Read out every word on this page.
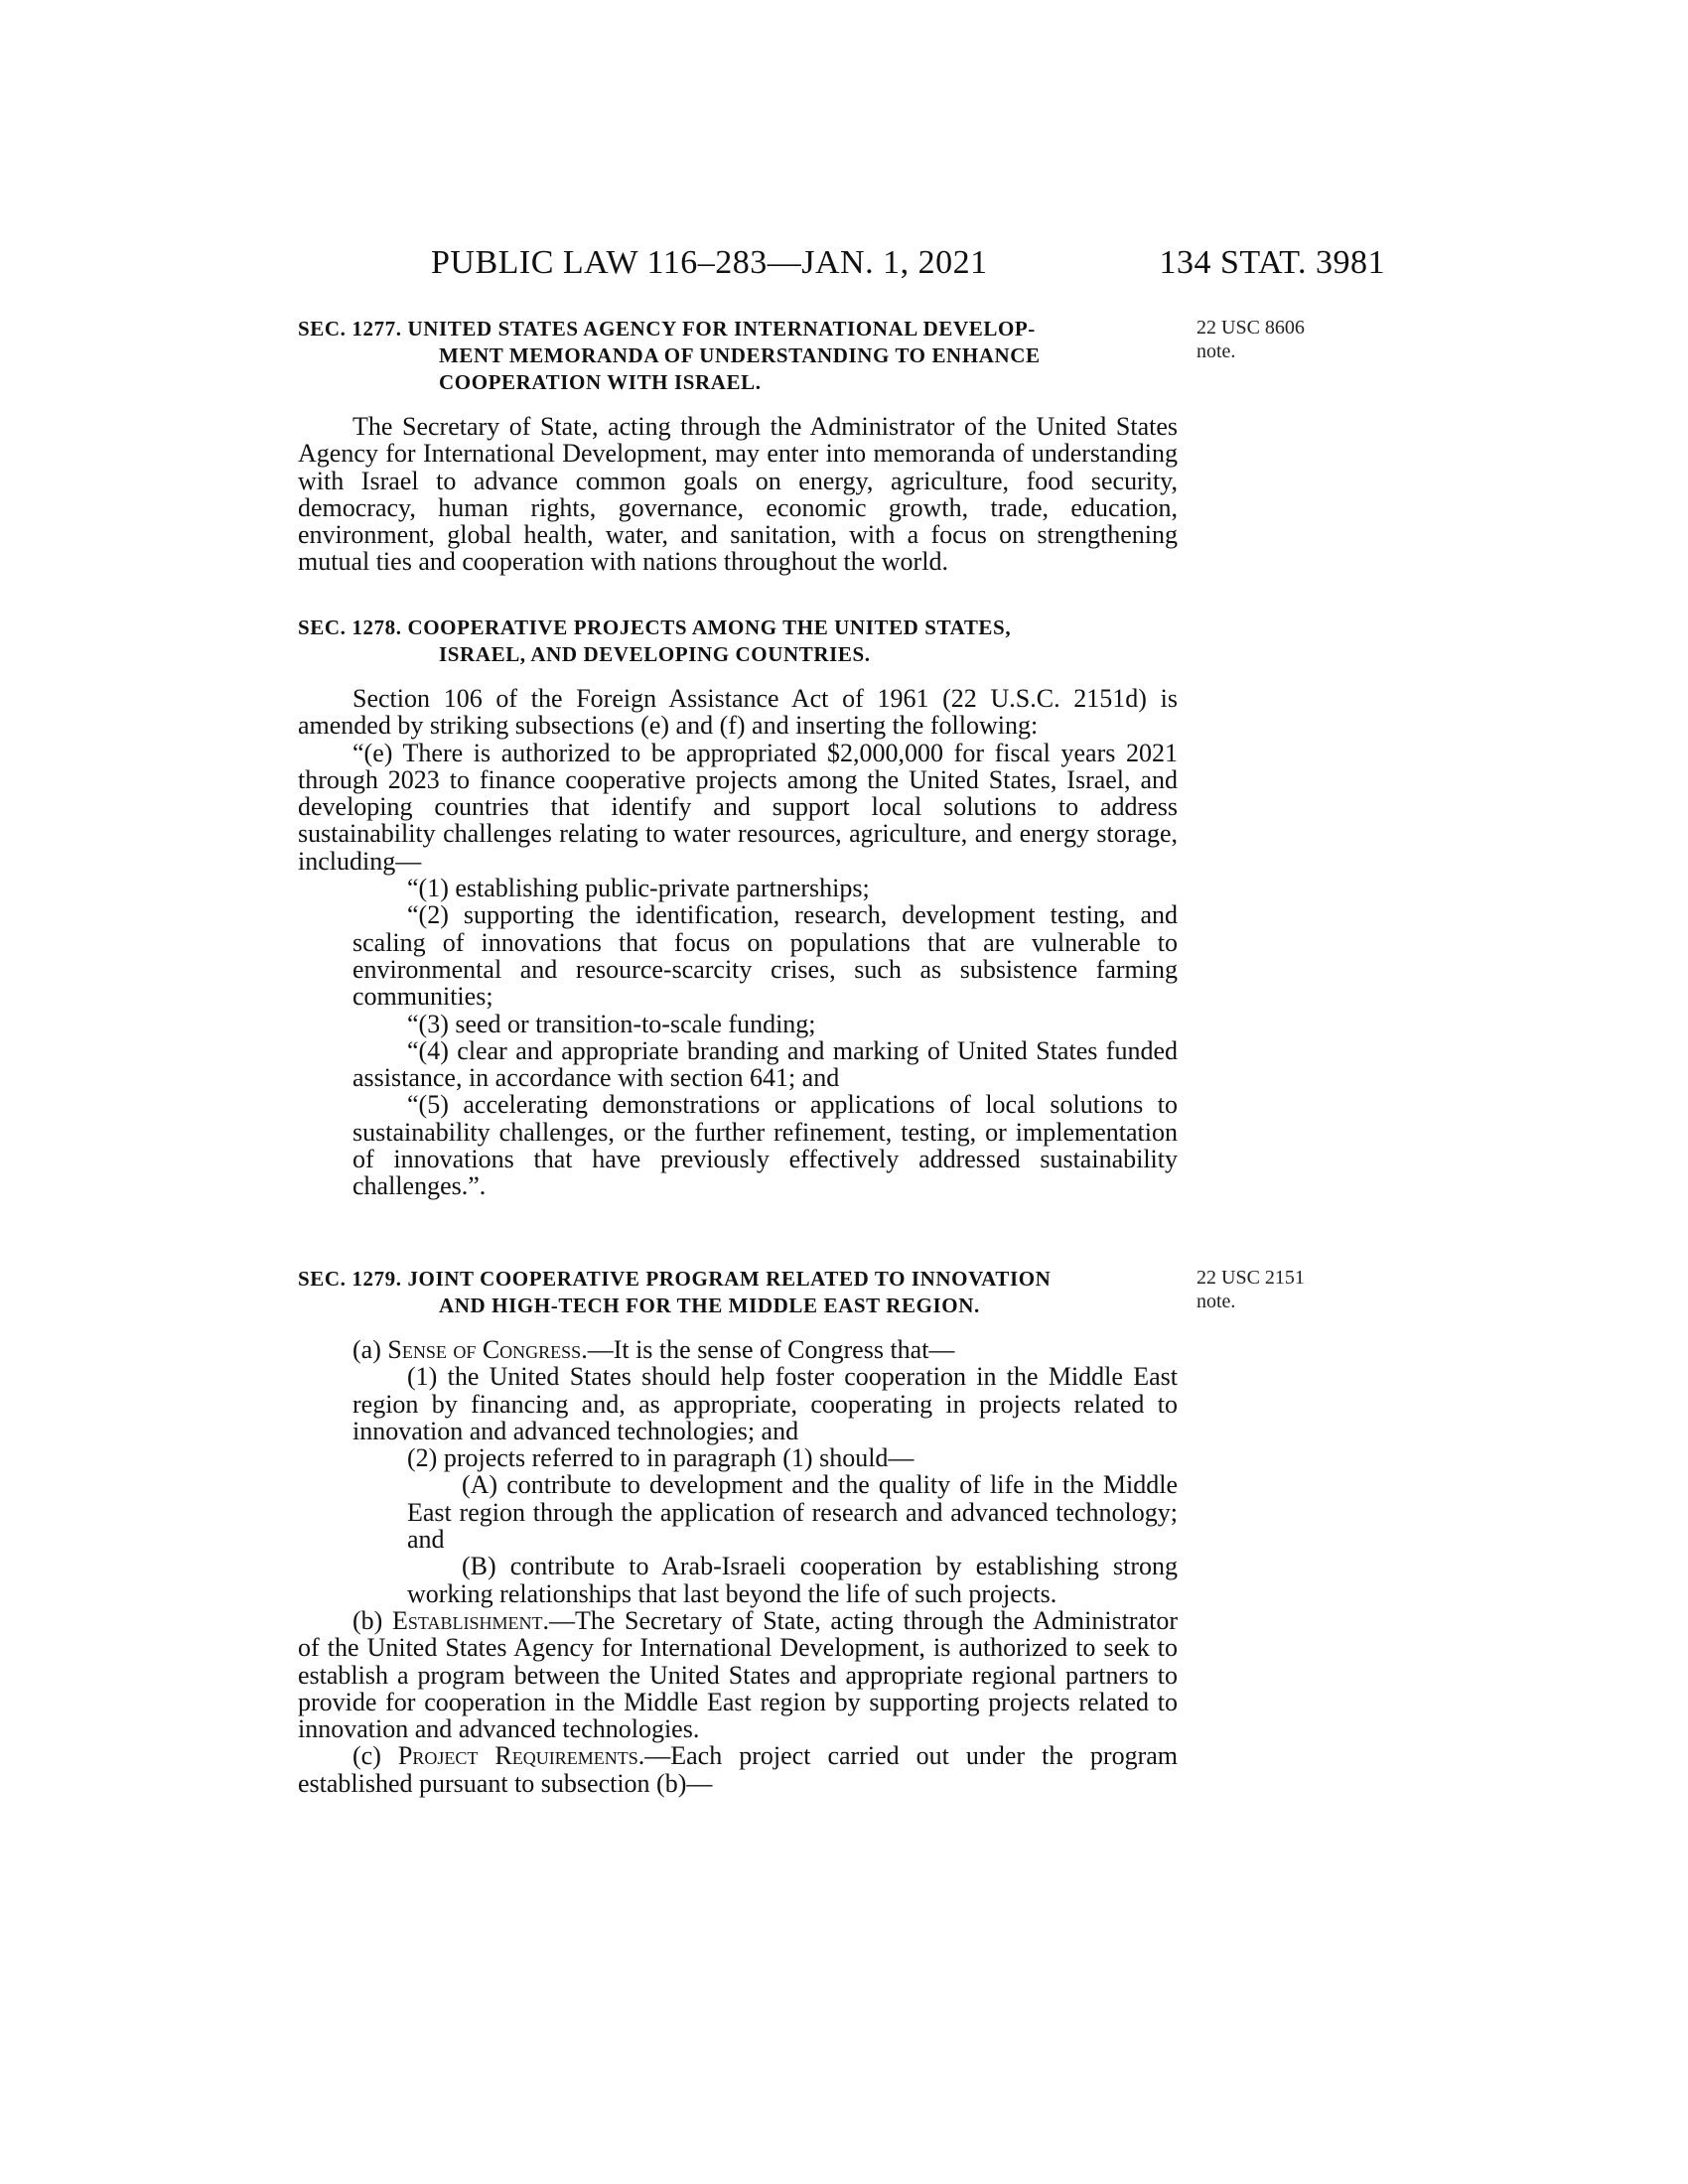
PUBLIC LAW 116–283—JAN. 1, 2021	134 STAT. 3981
22 USC 8606
note.
22 USC 2151
note.
SEC. 1277. UNITED STATES AGENCY FOR INTERNATIONAL DEVELOP-
MENT MEMORANDA OF UNDERSTANDING TO ENHANCE
COOPERATION WITH ISRAEL.

The Secretary of State, acting through the Administrator of the United States Agency for International Development, may enter into memoranda of understanding with Israel to advance common goals on energy, agriculture, food security, democracy, human rights, governance, economic growth, trade, education, environment, global health, water, and sanitation, with a focus on strengthening mutual ties and cooperation with nations throughout the world.

SEC. 1278. COOPERATIVE PROJECTS AMONG THE UNITED STATES,
ISRAEL, AND DEVELOPING COUNTRIES.

Section 106 of the Foreign Assistance Act of 1961 (22 U.S.C. 2151d) is amended by striking subsections (e) and (f) and inserting the following:

“(e) There is authorized to be appropriated $2,000,000 for fiscal years 2021 through 2023 to finance cooperative projects among the United States, Israel, and developing countries that identify and support local solutions to address sustainability challenges relating to water resources, agriculture, and energy storage, including—

“(1) establishing public-private partnerships;

“(2) supporting the identification, research, development testing, and scaling of innovations that focus on populations that are vulnerable to environmental and resource-scarcity crises, such as subsistence farming communities;

“(3) seed or transition-to-scale funding;

“(4) clear and appropriate branding and marking of United States funded assistance, in accordance with section 641; and

“(5) accelerating demonstrations or applications of local solutions to sustainability challenges, or the further refinement, testing, or implementation of innovations that have previously effectively addressed sustainability challenges.”.

SEC. 1279. JOINT COOPERATIVE PROGRAM RELATED TO INNOVATION
AND HIGH-TECH FOR THE MIDDLE EAST REGION.

(a) Sense of Congress.—It is the sense of Congress that—

(1) the United States should help foster cooperation in the Middle East region by financing and, as appropriate, cooperating in projects related to innovation and advanced technologies; and

(2) projects referred to in paragraph (1) should—

(A) contribute to development and the quality of life in the Middle East region through the application of research and advanced technology; and

(B) contribute to Arab-Israeli cooperation by establishing strong working relationships that last beyond the life of such projects.

(b) Establishment.—The Secretary of State, acting through the Administrator of the United States Agency for International Development, is authorized to seek to establish a program between the United States and appropriate regional partners to provide for cooperation in the Middle East region by supporting projects related to innovation and advanced technologies.

(c) Project Requirements.—Each project carried out under the program established pursuant to subsection (b)—
